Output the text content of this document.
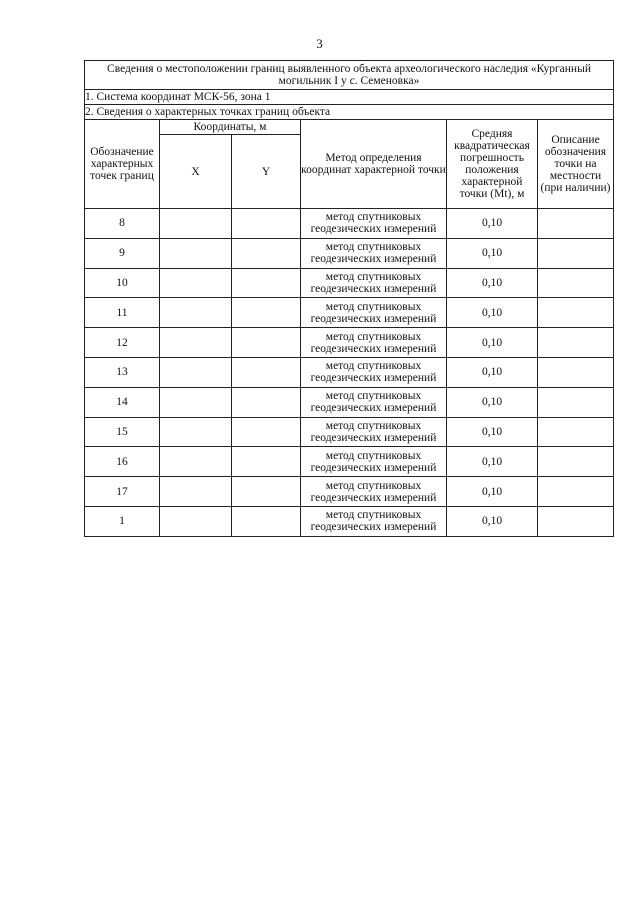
3
Сведения о местоположении границ выявленного объекта археологического наследия «Курганный могильник I у с. Семеновка»					
1. Система координат МСК-56, зона 1					
2. Сведения о характерных точках границ объекта					
Обозначение характерных точек границ	Координаты, м		Метод определения координат характерной точки	Средняя квадратическая погрешность положения характерной точки (Mt), м	Описание обозначения точки на местности (при наличии)
	X	Y			
8			метод спутниковых геодезических измерений	0,10	
9			метод спутниковых геодезических измерений	0,10	
10			метод спутниковых геодезических измерений	0,10	
11			метод спутниковых геодезических измерений	0,10	
12			метод спутниковых геодезических измерений	0,10	
13			метод спутниковых геодезических измерений	0,10	
14			метод спутниковых геодезических измерений	0,10	
15			метод спутниковых геодезических измерений	0,10	
16			метод спутниковых геодезических измерений	0,10	
17			метод спутниковых геодезических измерений	0,10	
1			метод спутниковых геодезических измерений	0,10	
